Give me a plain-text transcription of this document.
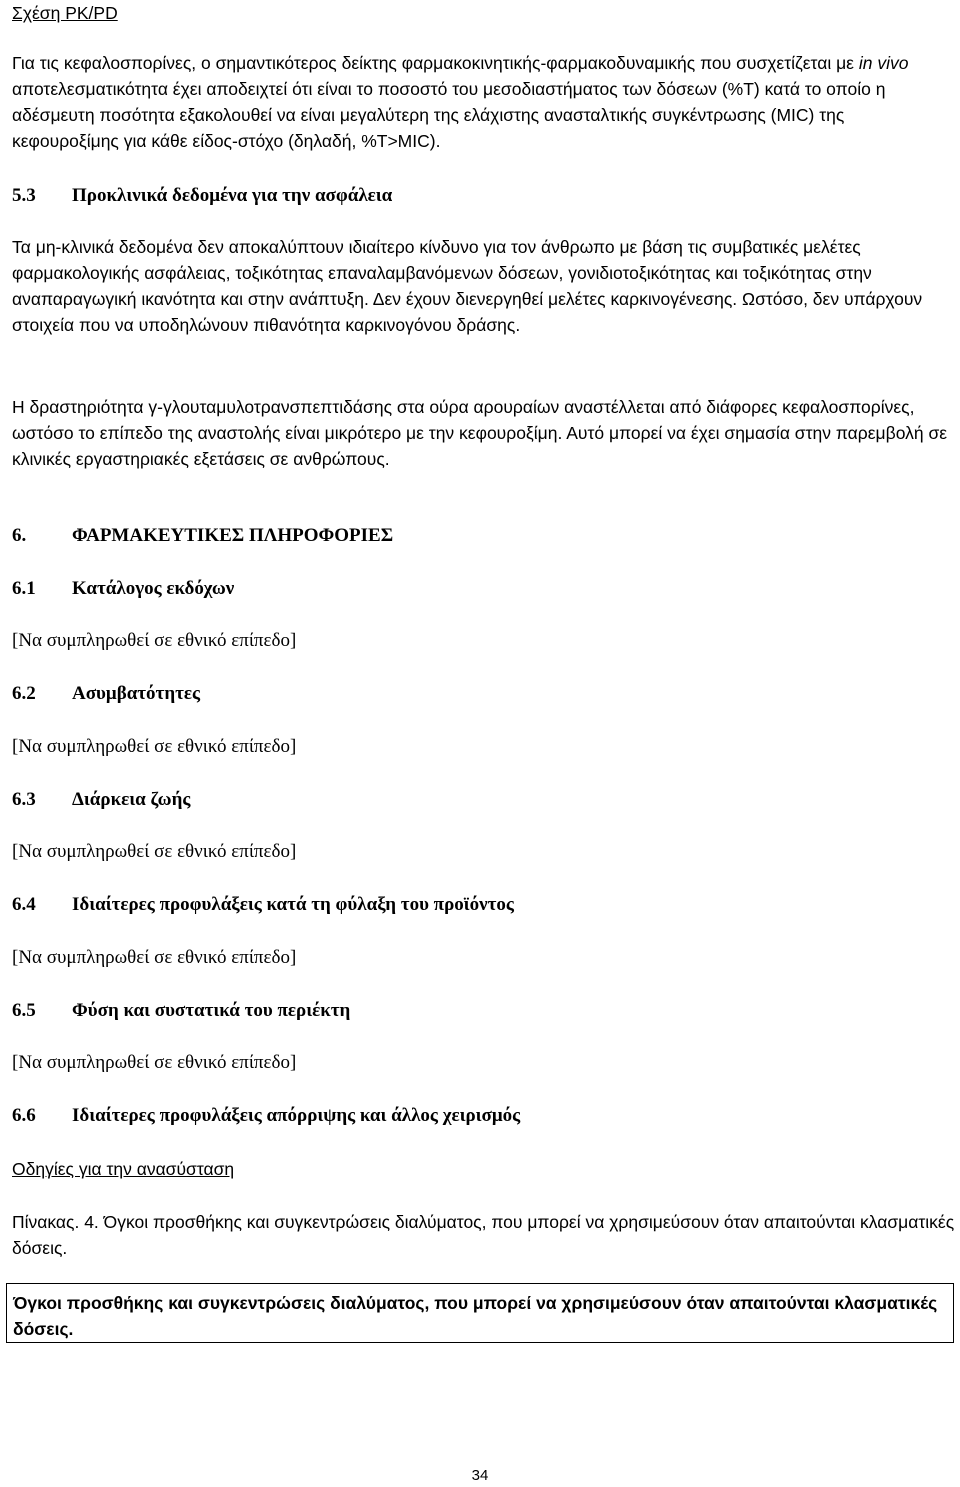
Σχέση PK/PD
Για τις κεφαλοσπορίνες, ο σημαντικότερος δείκτης φαρμακοκινητικής-φαρμακοδυναμικής που συσχετίζεται με in vivo αποτελεσματικότητα έχει αποδειχτεί ότι είναι το ποσοστό του μεσοδιαστήματος των δόσεων (%T) κατά το οποίο η αδέσμευτη ποσότητα εξακολουθεί να είναι μεγαλύτερη της ελάχιστης ανασταλτικής συγκέντρωσης (MIC) της κεφουροξίμης για κάθε είδος-στόχο (δηλαδή, %T>MIC).
5.3 Προκλινικά δεδομένα για την ασφάλεια
Τα μη-κλινικά δεδομένα δεν αποκαλύπτουν ιδιαίτερο κίνδυνο για τον άνθρωπο με βάση τις συμβατικές μελέτες φαρμακολογικής ασφάλειας, τοξικότητας επαναλαμβανόμενων δόσεων, γονιδιοτοξικότητας και τοξικότητας στην αναπαραγωγική ικανότητα και στην ανάπτυξη. Δεν έχουν διενεργηθεί μελέτες καρκινογένεσης. Ωστόσο, δεν υπάρχουν στοιχεία που να υποδηλώνουν πιθανότητα καρκινογόνου δράσης.
Η δραστηριότητα γ-γλουταμυλοτρανσπεπτιδάσης στα ούρα αρουραίων αναστέλλεται από διάφορες κεφαλοσπορίνες, ωστόσο το επίπεδο της αναστολής είναι μικρότερο με την κεφουροξίμη. Αυτό μπορεί να έχει σημασία στην παρεμβολή σε κλινικές εργαστηριακές εξετάσεις σε ανθρώπους.
6. ΦΑΡΜΑΚΕΥΤΙΚΕΣ ΠΛΗΡΟΦΟΡΙΕΣ
6.1 Κατάλογος εκδόχων
[Να συμπληρωθεί σε εθνικό επίπεδο]
6.2 Ασυμβατότητες
[Να συμπληρωθεί σε εθνικό επίπεδο]
6.3 Διάρκεια ζωής
[Να συμπληρωθεί σε εθνικό επίπεδο]
6.4 Ιδιαίτερες προφυλάξεις κατά τη φύλαξη του προϊόντος
[Να συμπληρωθεί σε εθνικό επίπεδο]
6.5 Φύση και συστατικά του περιέκτη
[Να συμπληρωθεί σε εθνικό επίπεδο]
6.6 Ιδιαίτερες προφυλάξεις απόρριψης και άλλος χειρισμός
Οδηγίες για την ανασύσταση
Πίνακας. 4. Όγκοι προσθήκης και συγκεντρώσεις διαλύματος, που μπορεί να χρησιμεύσουν όταν απαιτούνται κλασματικές δόσεις.
Όγκοι προσθήκης και συγκεντρώσεις διαλύματος, που μπορεί να χρησιμεύσουν όταν απαιτούνται κλασματικές δόσεις.
34
